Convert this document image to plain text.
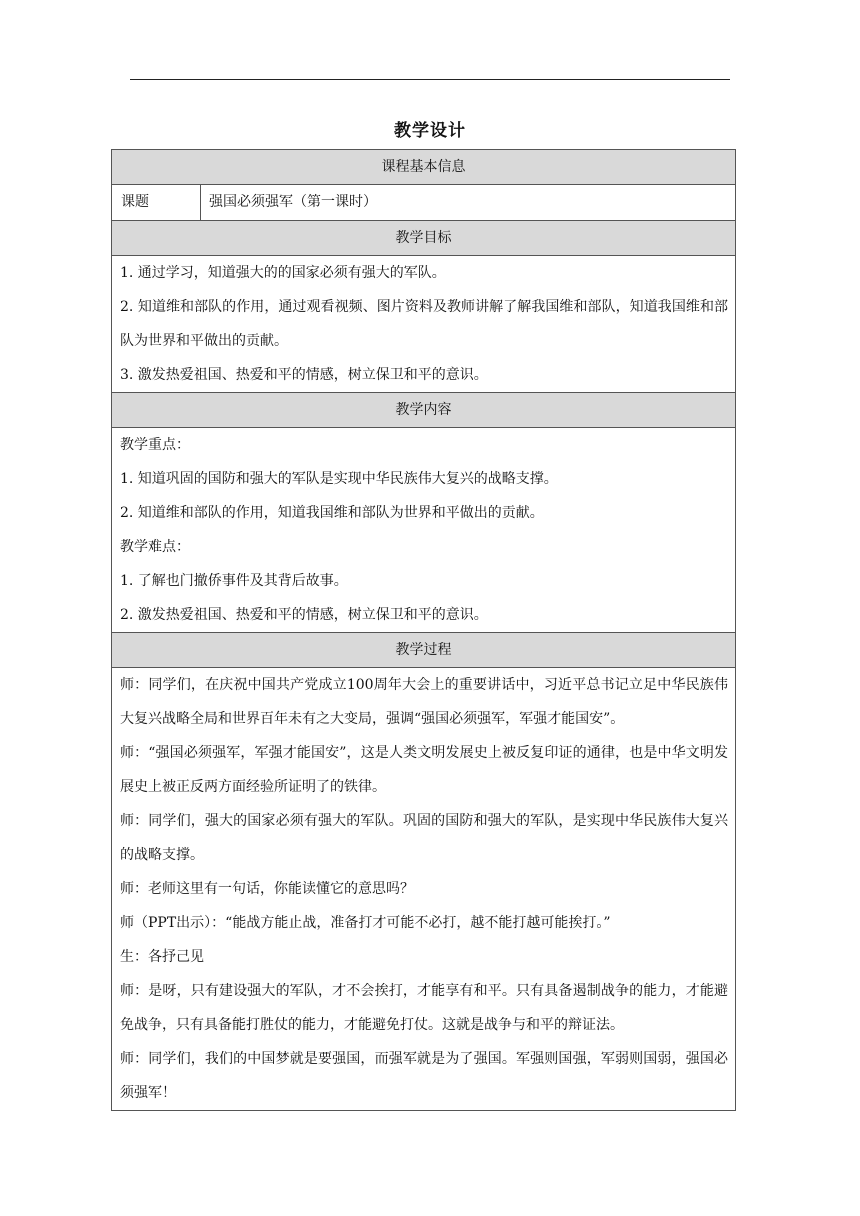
教学设计
课程基本信息
课题	强国必须强军（第一课时）
教学目标

1. 通过学习，知道强大的的国家必须有强大的军队。

2. 知道维和部队的作用，通过观看视频、图片资料及教师讲解了解我国维和部队，知道我国维和部队为世界和平做出的贡献。

3. 激发热爱祖国、热爱和平的情感，树立保卫和平的意识。

教学内容

教学重点：

1. 知道巩固的国防和强大的军队是实现中华民族伟大复兴的战略支撑。

2. 知道维和部队的作用，知道我国维和部队为世界和平做出的贡献。

教学难点：

1. 了解也门撤侨事件及其背后故事。

2. 激发热爱祖国、热爱和平的情感，树立保卫和平的意识。

教学过程

师：同学们，在庆祝中国共产党成立100周年大会上的重要讲话中，习近平总书记立足中华民族伟大复兴战略全局和世界百年未有之大变局，强调“强国必须强军，军强才能国安”。

师：“强国必须强军，军强才能国安”，这是人类文明发展史上被反复印证的通律，也是中华文明发展史上被正反两方面经验所证明了的铁律。

师：同学们，强大的国家必须有强大的军队。巩固的国防和强大的军队，是实现中华民族伟大复兴的战略支撑。

师：老师这里有一句话，你能读懂它的意思吗？

师（PPT出示）：“能战方能止战，准备打才可能不必打，越不能打越可能挨打。”

生：各抒己见

师：是呀，只有建设强大的军队，才不会挨打，才能享有和平。只有具备遏制战争的能力，才能避免战争，只有具备能打胜仗的能力，才能避免打仗。这就是战争与和平的辩证法。

师：同学们，我们的中国梦就是要强国，而强军就是为了强国。军强则国强，军弱则国弱，强国必须强军！
